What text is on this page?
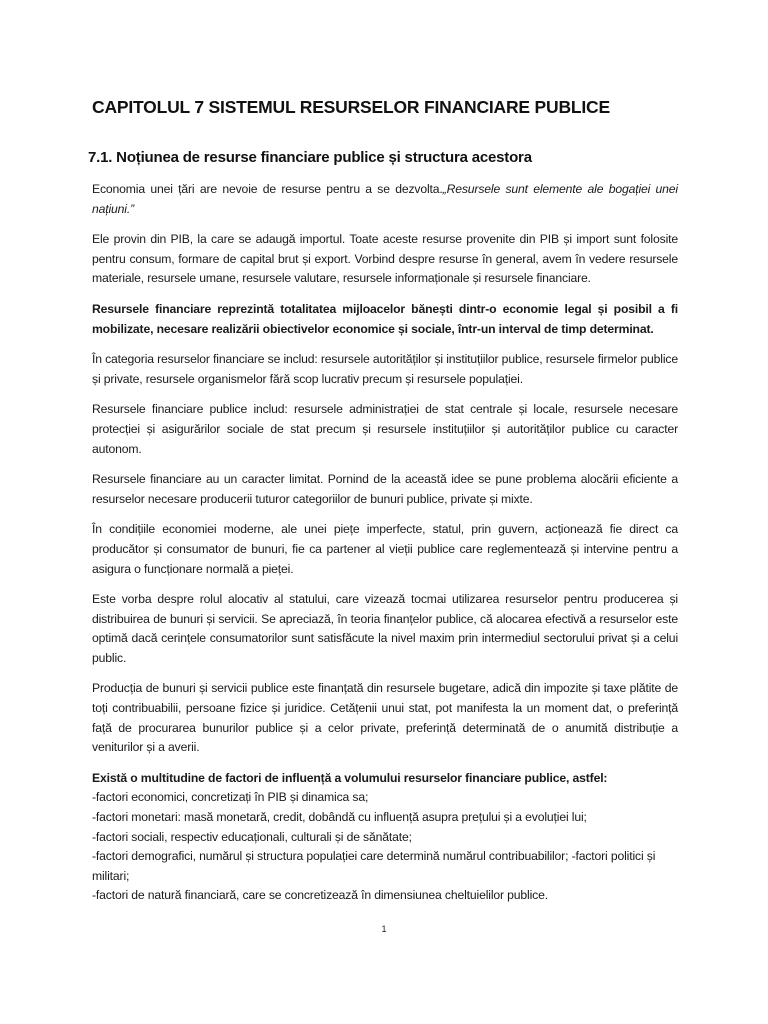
CAPITOLUL 7 SISTEMUL RESURSELOR FINANCIARE PUBLICE
7.1. Noțiunea de resurse financiare publice și structura acestora

Economia unei țări are nevoie de resurse pentru a se dezvolta.„Resursele sunt elemente ale bogației unei națiuni.”

Ele provin din PIB, la care se adaugă importul. Toate aceste resurse provenite din PIB și import sunt folosite pentru consum, formare de capital brut și export. Vorbind despre resurse în general, avem în vedere resursele materiale, resursele umane, resursele valutare, resursele informaționale și resursele financiare.

Resursele financiare reprezintă totalitatea mijloacelor bănești dintr-o economie legal și posibil a fi mobilizate, necesare realizării obiectivelor economice și sociale, într-un interval de timp determinat.

În categoria resurselor financiare se includ: resursele autorităților și instituțiilor publice, resursele firmelor publice și private, resursele organismelor fără scop lucrativ precum și resursele populației.

Resursele financiare publice includ: resursele administrației de stat centrale și locale, resursele necesare protecției și asigurărilor sociale de stat precum și resursele instituțiilor și autorităților publice cu caracter autonom.

Resursele financiare au un caracter limitat. Pornind de la această idee se pune problema alocării eficiente a resurselor necesare producerii tuturor categoriilor de bunuri publice, private și mixte.

În condițiile economiei moderne, ale unei piețe imperfecte, statul, prin guvern, acționează fie direct ca producător și consumator de bunuri, fie ca partener al vieții publice care reglementează și intervine pentru a asigura o funcționare normală a pieței.

Este vorba despre rolul alocativ al statului, care vizează tocmai utilizarea resurselor pentru producerea și distribuirea de bunuri și servicii. Se apreciază, în teoria finanțelor publice, că alocarea efectivă a resurselor este optimă dacă cerințele consumatorilor sunt satisfăcute la nivel maxim prin intermediul sectorului privat și a celui public.

Producția de bunuri și servicii publice este finanțată din resursele bugetare, adică din impozite și taxe plătite de toți contribuabilii, persoane fizice și juridice. Cetățenii unui stat, pot manifesta la un moment dat, o preferință față de procurarea bunurilor publice și a celor private, preferință determinată de o anumită distribuție a veniturilor și a averii.

Există o multitudine de factori de influență a volumului resurselor financiare publice, astfel:
-factori economici, concretizați în PIB și dinamica sa;
-factori monetari: masă monetară, credit, dobândă cu influență asupra prețului și a evoluției lui;
-factori sociali, respectiv educaționali, culturali și de sănătate;
-factori demografici, numărul și structura populației care determină numărul contribuabililor; -factori politici și militari;
-factori de natură financiară, care se concretizează în dimensiunea cheltuielilor publice.
1
